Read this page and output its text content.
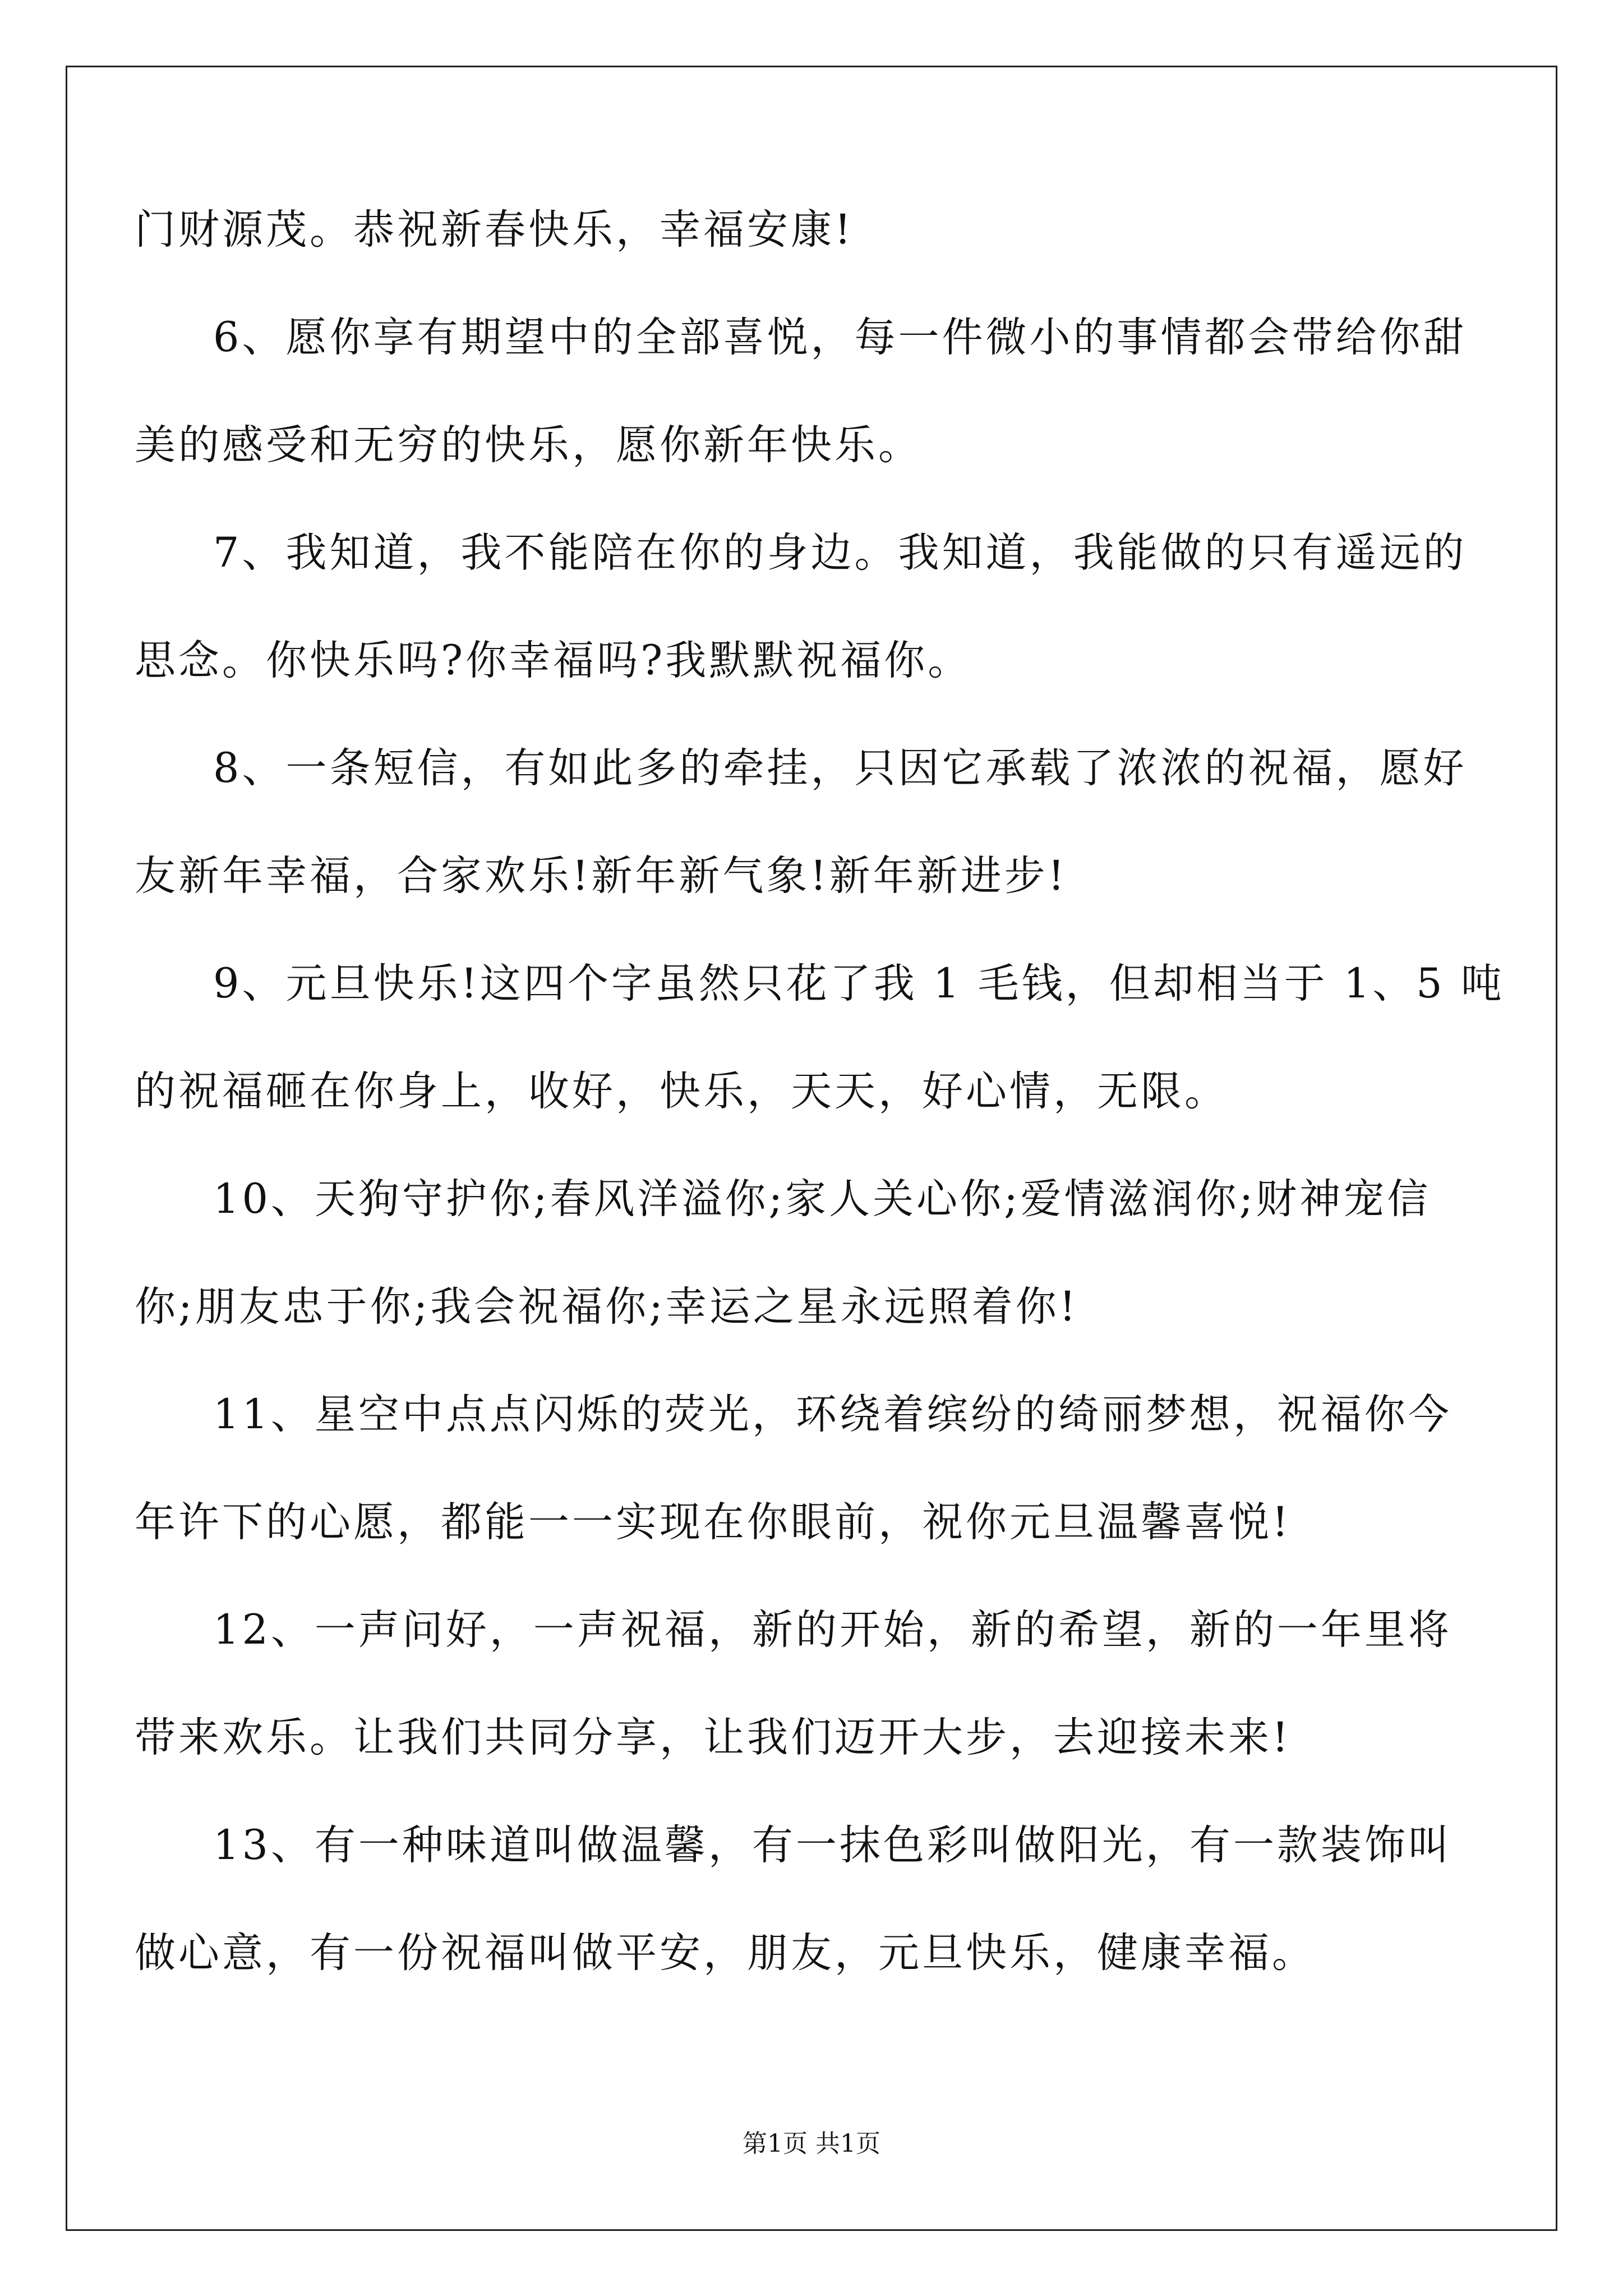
门财源茂。恭祝新春快乐，幸福安康!
6、愿你享有期望中的全部喜悦，每一件微小的事情都会带给你甜
美的感受和无穷的快乐，愿你新年快乐。
7、我知道，我不能陪在你的身边。我知道，我能做的只有遥远的
思念。你快乐吗?你幸福吗?我默默祝福你。
8、一条短信，有如此多的牵挂，只因它承载了浓浓的祝福，愿好
友新年幸福，合家欢乐!新年新气象!新年新进步!
9、元旦快乐!这四个字虽然只花了我 1 毛钱，但却相当于 1、5 吨
的祝福砸在你身上，收好，快乐，天天，好心情，无限。
10、天狗守护你;春风洋溢你;家人关心你;爱情滋润你;财神宠信
你;朋友忠于你;我会祝福你;幸运之星永远照着你!
11、星空中点点闪烁的荧光，环绕着缤纷的绮丽梦想，祝福你今
年许下的心愿，都能一一实现在你眼前，祝你元旦温馨喜悦!
12、一声问好，一声祝福，新的开始，新的希望，新的一年里将
带来欢乐。让我们共同分享，让我们迈开大步，去迎接未来!
13、有一种味道叫做温馨，有一抹色彩叫做阳光，有一款装饰叫
做心意，有一份祝福叫做平安，朋友，元旦快乐，健康幸福。
第1页 共1页
